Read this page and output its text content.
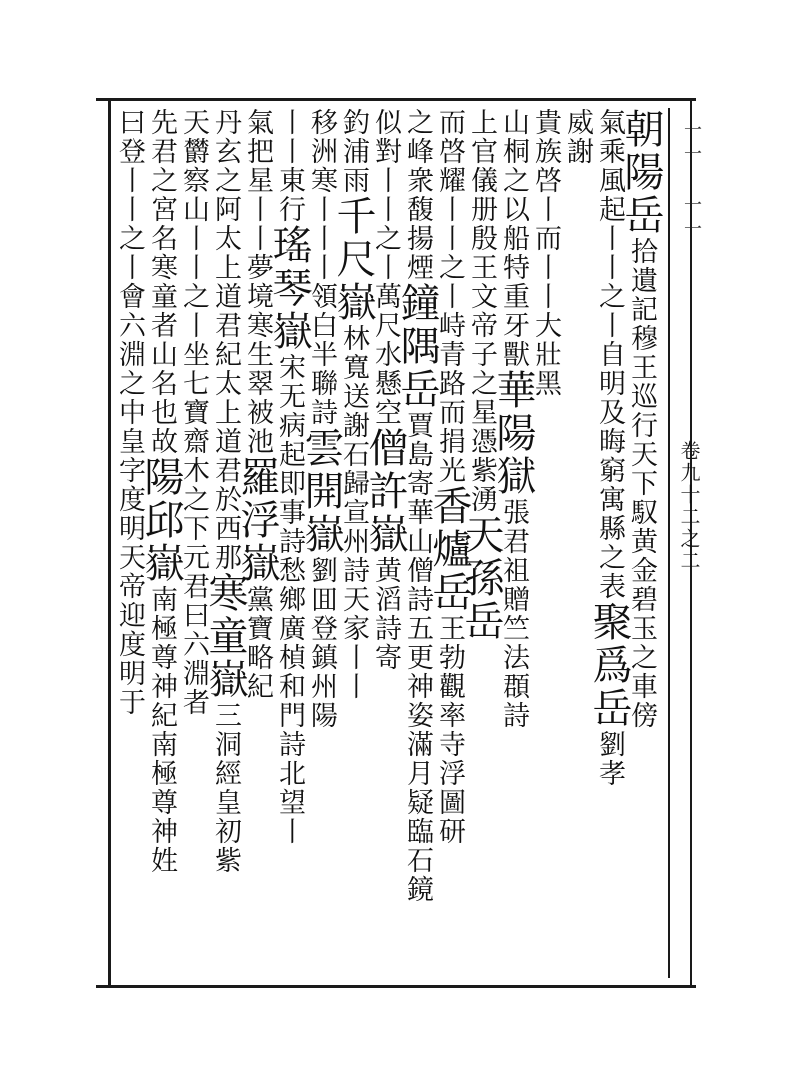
一一 一一
卷九十二之二
朝陽岳拾遺記穆王巡行天下馭黄金碧玉之車傍
氣乘風起丨丨之丨自明及晦窮寓縣之表聚爲岳劉孝
威謝
貴族啓丨而丨丨大壯黑
山桐之以船特重牙獸華陽獄張君祖贈竺法頵詩
上官儀册殷王文帝子之星憑紫湧天孫岳
而啓耀丨丨之丨峙青路而捐光香爐岳王勃觀率寺浮圖研
之峰衆馥揚煙鐘隅岳賈島寄華山僧詩五更神姿滿月疑臨石鏡
似對丨丨之丨萬尺水懸空僧許嶽黄滔詩寄
釣浦雨千尺嶽林寬送謝石歸宣州詩天家丨丨
移洲寒丨丨丨領白半聯詩雲開嶽劉囬登鎮州陽
丨丨東行瑤琴嶽宋无病起即事詩愁鄉廣楨和門詩北望丨
氣把星丨丨夢境寒生翠被池羅浮嶽黨寶略紀
丹玄之阿太上道君紀太上道君於西那寒童嶽三洞經皇初紫
天欝察山丨丨之丨坐七寶齋木之下元君曰六淵者
先君之宮名寒童者山名也故陽邱嶽南極尊神紀南極尊神姓
曰登丨丨之丨會六淵之中皇字度明天帝迎度明于
